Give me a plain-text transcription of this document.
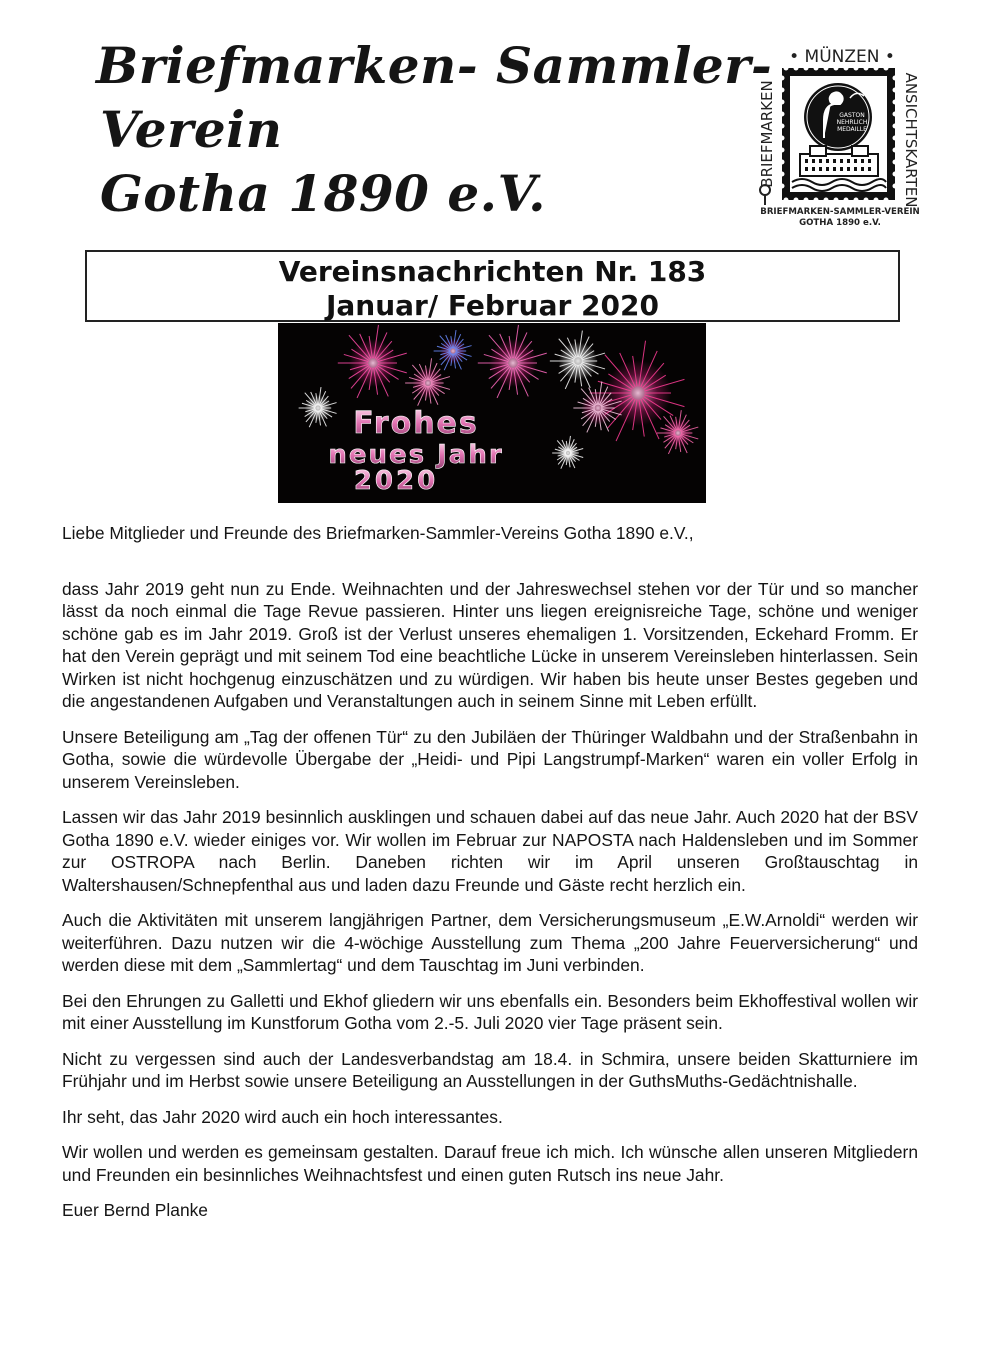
Briefmarken- Sammler-
Verein
Gotha 1890 e.V.
GASTON
NEHRLICH
MEDAILLE
• MÜNZEN •
BRIEFMARKEN	ANSICHTSKARTEN
BRIEFMARKEN-SAMMLER-VEREIN
GOTHA 1890 e.V.
Vereinsnachrichten Nr. 183
Januar/ Februar 2020
Frohes
neues Jahr
2020

Liebe Mitglieder und Freunde des Briefmarken-Sammler-Vereins Gotha 1890 e.V.,

dass Jahr 2019 geht nun zu Ende. Weihnachten und der Jahreswechsel stehen vor der Tür und so mancher lässt da noch einmal die Tage Revue passieren. Hinter uns liegen ereignisreiche Tage, schöne und weniger schöne gab es im Jahr 2019. Groß ist der Verlust unseres ehemaligen 1. Vorsitzenden, Eckehard Fromm. Er hat den Verein geprägt und mit seinem Tod eine beachtliche Lücke in unserem Vereinsleben hinterlassen. Sein Wirken ist nicht hochgenug einzuschätzen und zu würdigen. Wir haben bis heute unser Bestes gegeben und die angestandenen Aufgaben und Veranstaltungen auch in seinem Sinne mit Leben erfüllt.

Unsere Beteiligung am „Tag der offenen Tür“ zu den Jubiläen der Thüringer Waldbahn und der Straßenbahn in Gotha, sowie die würdevolle Übergabe der „Heidi- und Pipi Langstrumpf-Marken“ waren ein voller Erfolg in unserem Vereinsleben.

Lassen wir das Jahr 2019 besinnlich ausklingen und schauen dabei auf das neue Jahr. Auch 2020 hat der BSV Gotha 1890 e.V. wieder einiges vor. Wir wollen im Februar zur NAPOSTA nach Haldensleben und im Sommer zur OSTROPA nach Berlin. Daneben richten wir im April unseren Großtauschtag in Waltershausen/Schnepfenthal aus und laden dazu Freunde und Gäste recht herzlich ein.

Auch die Aktivitäten mit unserem langjährigen Partner, dem Versicherungsmuseum „E.W.Arnoldi“ werden wir weiterführen. Dazu nutzen wir die 4-wöchige Ausstellung zum Thema „200 Jahre Feuerversicherung“ und werden diese mit dem „Sammlertag“ und dem Tauschtag im Juni verbinden.

Bei den Ehrungen zu Galletti und Ekhof gliedern wir uns ebenfalls ein. Besonders beim Ekhoffestival wollen wir mit einer Ausstellung im Kunstforum Gotha vom 2.-5. Juli 2020 vier Tage präsent sein.

Nicht zu vergessen sind auch der Landesverbandstag am 18.4. in Schmira, unsere beiden Skatturniere im Frühjahr und im Herbst sowie unsere Beteiligung an Ausstellungen in der GuthsMuths-Gedächtnishalle.

Ihr seht, das Jahr 2020 wird auch ein hoch interessantes.

Wir wollen und werden es gemeinsam gestalten. Darauf freue ich mich. Ich wünsche allen unseren Mitgliedern und Freunden ein besinnliches Weihnachtsfest und einen guten Rutsch ins neue Jahr.

Euer Bernd Planke
